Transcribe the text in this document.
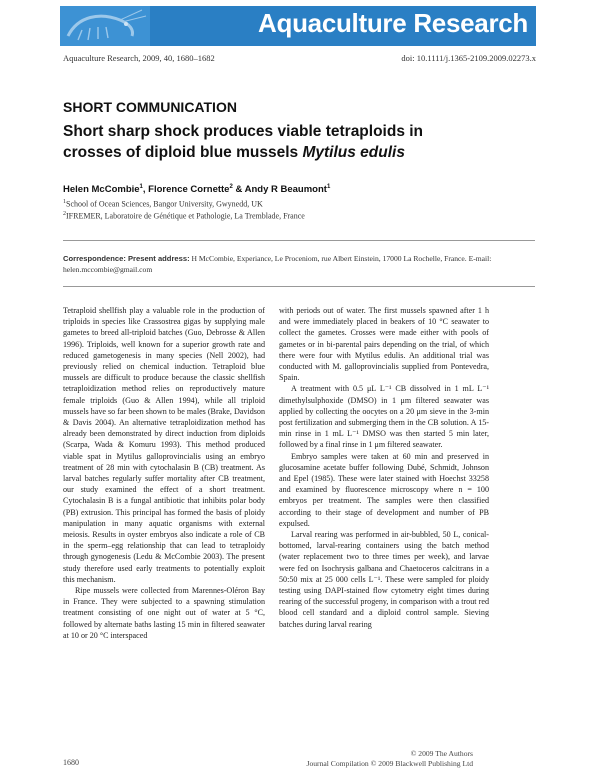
Aquaculture Research
Aquaculture Research, 2009, 40, 1680–1682	doi: 10.1111/j.1365-2109.2009.02273.x
SHORT COMMUNICATION
Short sharp shock produces viable tetraploids in
crosses of diploid blue mussels Mytilus edulis
Helen McCombie$^1$, Florence Cornette$^2$ & Andy R Beaumont$^1$
$^1$School of Ocean Sciences, Bangor University, Gwynedd, UK
$^2$IFREMER, Laboratoire de Génétique et Pathologie, La Tremblade, France
Correspondence: Present address: H McCombie, Experiance, Le Proceniom, rue Albert Einstein, 17000 La Rochelle, France. E-mail: helen.mccombie@gmail.com

Tetraploid shellfish play a valuable role in the production of triploids in species like Crassostrea gigas by supplying male gametes to breed all-triploid batches (Guo, Debrosse & Allen 1996). Triploids, well known for a superior growth rate and reduced gametogenesis in many species (Nell 2002), had previously relied on chemical induction. Tetraploid blue mussels are difficult to produce because the classic shellfish tetraploidization method relies on reproductively mature female triploids (Guo & Allen 1994), while all triploid mussels have so far been shown to be males (Brake, Davidson & Davis 2004). An alternative tetraploidization method has already been demonstrated by direct induction from diploids (Scarpa, Wada & Komuru 1993). This method produced viable spat in Mytilus galloprovincialis using an embryo treatment of 28 min with cytochalasin B (CB) treatment. As larval batches regularly suffer mortality after CB treatment, our study examined the effect of a short treatment. Cytochalasin B is a fungal antibiotic that inhibits polar body (PB) extrusion. This principal has formed the basis of ploidy manipulation in many aquatic organisms with external meiosis. Results in oyster embryos also indicate a role of CB in the sperm–egg relationship that can lead to tetraploidy through gynogenesis (Ledu & McCombie 2003). The present study therefore used early treatments to potentially exploit this mechanism.

Ripe mussels were collected from Marennes-Oléron Bay in France. They were subjected to a spawning stimulation treatment consisting of one night out of water at 5 °C, followed by alternate baths lasting 15 min in filtered seawater at 10 or 20 °C interspaced

with periods out of water. The first mussels spawned after 1 h and were immediately placed in beakers of 10 °C seawater to collect the gametes. Crosses were made either with pools of gametes or in bi-parental pairs depending on the trial, of which there were four with Mytilus edulis. An additional trial was conducted with M. galloprovincialis supplied from Pontevedra, Spain.

A treatment with 0.5 μL L⁻¹ CB dissolved in 1 mL L⁻¹ dimethylsulphoxide (DMSO) in 1 μm filtered seawater was applied by collecting the oocytes on a 20 μm sieve in the 3-min post fertilization and submerging them in the CB solution. A 15-min rinse in 1 mL L⁻¹ DMSO was then started 5 min later, followed by a final rinse in 1 μm filtered seawater.

Embryo samples were taken at 60 min and preserved in glucosamine acetate buffer following Dubé, Schmidt, Johnson and Epel (1985). These were later stained with Hoechst 33258 and examined by fluorescence microscopy where n = 100 embryos per treatment. The samples were then classified according to their stage of development and number of PB expulsed.

Larval rearing was performed in air-bubbled, 50 L, conical-bottomed, larval-rearing containers using the batch method (water replacement two to three times per week), and larvae were fed on Isochrysis galbana and Chaetoceros calcitrans in a 50:50 mix at 25 000 cells L⁻¹. These were sampled for ploidy testing using DAPI-stained flow cytometry eight times during rearing of the successful progeny, in comparison with a trout red blood cell standard and a diploid control sample. Sieving batches during larval rearing

1680
© 2009 The Authors
Journal Compilation © 2009 Blackwell Publishing Ltd
